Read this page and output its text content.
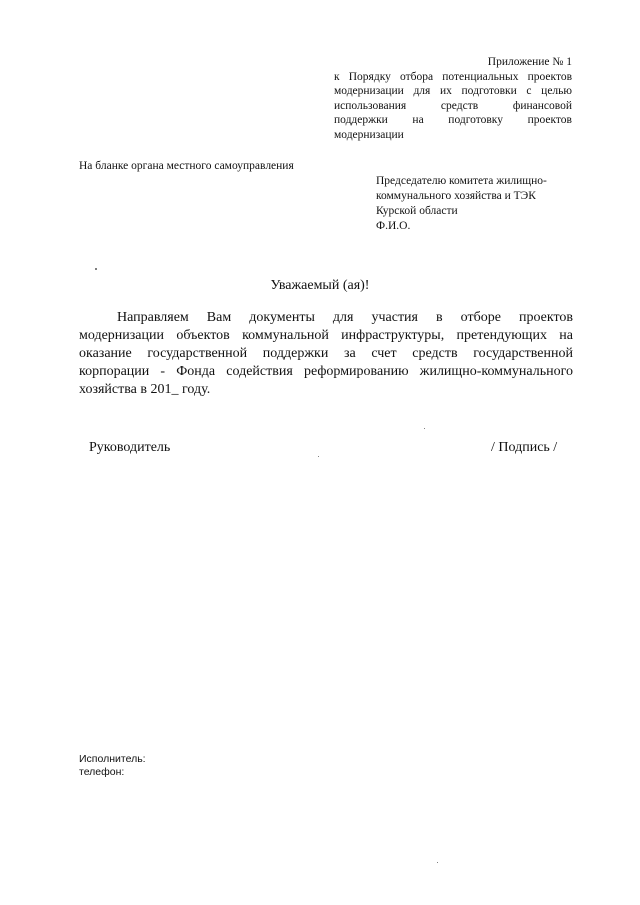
Приложение № 1
к Порядку отбора потенциальных проектов
модернизации для их подготовки с целью
использования средств финансовой
поддержки на подготовку проектов
модернизации
На бланке органа местного самоуправления
Председателю комитета жилищно-
коммунального хозяйства и ТЭК
Курской области
Ф.И.О.
Уважаемый (ая)!
Направляем Вам документы для участия в отборе проектов
модернизации объектов коммунальной инфраструктуры, претендующих на
оказание государственной поддержки за счет средств государственной
корпорации - Фонда содействия реформированию жилищно-коммунального
хозяйства в 201_ году.
Руководитель	/ Подпись /
Исполнитель:
телефон:
